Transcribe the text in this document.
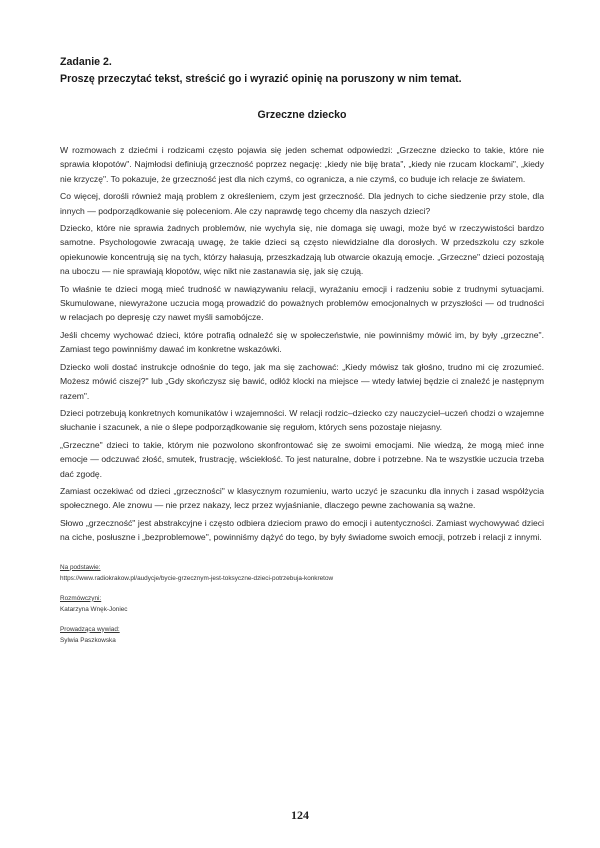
Zadanie 2.

Proszę przeczytać tekst, streścić go i wyrazić opinię na poruszony w nim temat.

Grzeczne dziecko

W rozmowach z dziećmi i rodzicami często pojawia się jeden schemat odpowiedzi: „Grzeczne dziecko to takie, które nie sprawia kłopotów". Najmłodsi definiują grzeczność poprzez negację: „kiedy nie biję brata", „kiedy nie rzucam klockami", „kiedy nie krzyczę". To pokazuje, że grzeczność jest dla nich czymś, co ogranicza, a nie czymś, co buduje ich relacje ze światem.

Co więcej, dorośli również mają problem z określeniem, czym jest grzeczność. Dla jednych to ciche siedzenie przy stole, dla innych — podporządkowanie się poleceniom. Ale czy naprawdę tego chcemy dla naszych dzieci?

Dziecko, które nie sprawia żadnych problemów, nie wychyla się, nie domaga się uwagi, może być w rzeczywistości bardzo samotne. Psychologowie zwracają uwagę, że takie dzieci są często niewidzialne dla dorosłych. W przedszkolu czy szkole opiekunowie koncentrują się na tych, którzy hałasują, przeszkadzają lub otwarcie okazują emocje. „Grzeczne" dzieci pozostają na uboczu — nie sprawiają kłopotów, więc nikt nie zastanawia się, jak się czują.

To właśnie te dzieci mogą mieć trudność w nawiązywaniu relacji, wyrażaniu emocji i radzeniu sobie z trudnymi sytuacjami. Skumulowane, niewyrażone uczucia mogą prowadzić do poważnych problemów emocjonalnych w przyszłości — od trudności w relacjach po depresję czy nawet myśli samobójcze.

Jeśli chcemy wychować dzieci, które potrafią odnaleźć się w społeczeństwie, nie powinniśmy mówić im, by były „grzeczne". Zamiast tego powinniśmy dawać im konkretne wskazówki.

Dziecko woli dostać instrukcje odnośnie do tego, jak ma się zachować: „Kiedy mówisz tak głośno, trudno mi cię zrozumieć. Możesz mówić ciszej?" lub „Gdy skończysz się bawić, odłóż klocki na miejsce — wtedy łatwiej będzie ci znaleźć je następnym razem".

Dzieci potrzebują konkretnych komunikatów i wzajemności. W relacji rodzic–dziecko czy nauczyciel–uczeń chodzi o wzajemne słuchanie i szacunek, a nie o ślepe podporządkowanie się regułom, których sens pozostaje niejasny.

„Grzeczne" dzieci to takie, którym nie pozwolono skonfrontować się ze swoimi emocjami. Nie wiedzą, że mogą mieć inne emocje — odczuwać złość, smutek, frustrację, wściekłość. To jest naturalne, dobre i potrzebne. Na te wszystkie uczucia trzeba dać zgodę.

Zamiast oczekiwać od dzieci „grzeczności" w klasycznym rozumieniu, warto uczyć je szacunku dla innych i zasad współżycia społecznego. Ale znowu — nie przez nakazy, lecz przez wyjaśnianie, dlaczego pewne zachowania są ważne.

Słowo „grzeczność" jest abstrakcyjne i często odbiera dzieciom prawo do emocji i autentyczności. Zamiast wychowywać dzieci na ciche, posłuszne i „bezproblemowe", powinniśmy dążyć do tego, by były świadome swoich emocji, potrzeb i relacji z innymi.

Na podstawie:

https://www.radiokrakow.pl/audycje/bycie-grzecznym-jest-toksyczne-dzieci-potrzebuja-konkretow

Rozmówczyni:

Katarzyna Wnęk-Joniec

Prowadząca wywiad:

Sylwia Paszkowska

124
